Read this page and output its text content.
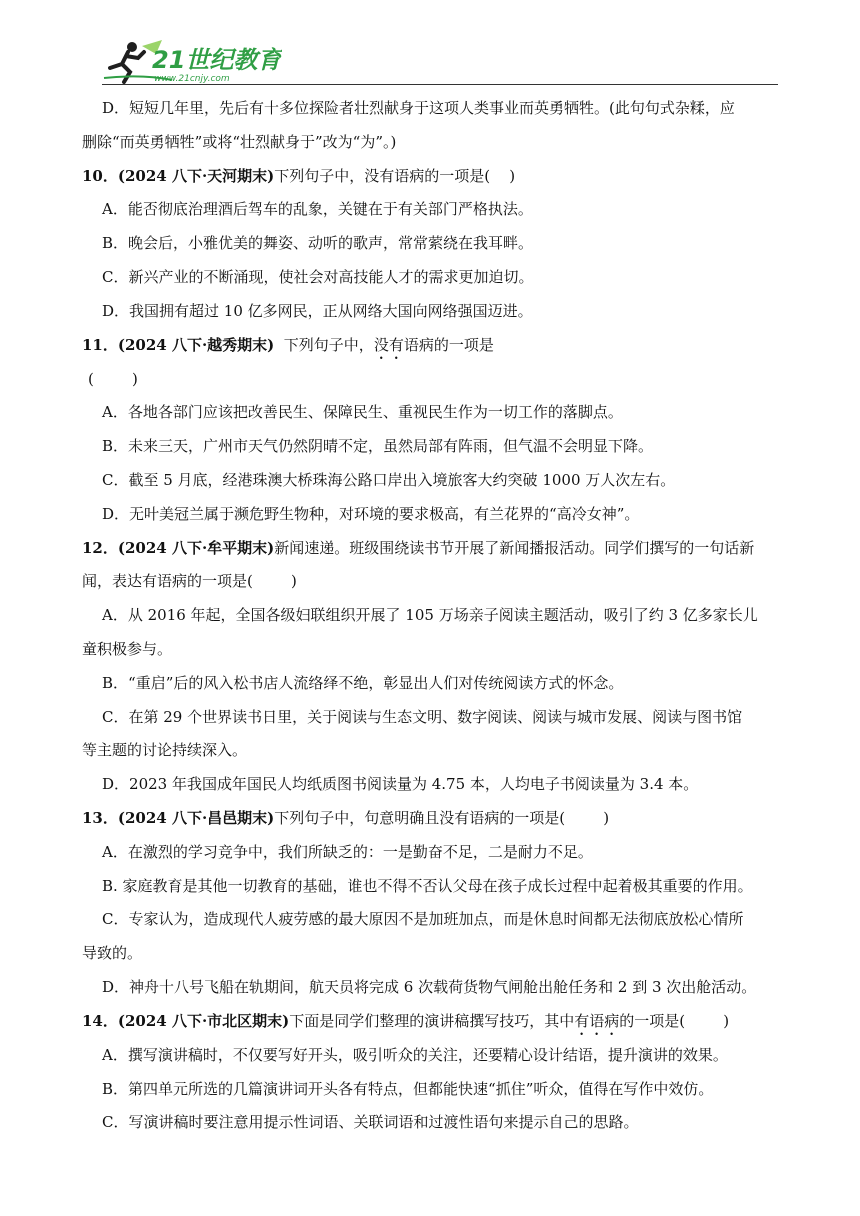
21世纪教育
www.21cnjy.com

D．短短几年里，先后有十多位探险者壮烈献身于这项人类事业而英勇牺牲。(此句句式杂糅，应

删除“而英勇牺牲”或将“壮烈献身于”改为“为”。)

10．(2024 八下·天河期末)下列句子中，没有语病的一项是(    )

A．能否彻底治理酒后驾车的乱象，关键在于有关部门严格执法。

B．晚会后，小雅优美的舞姿、动听的歌声，常常萦绕在我耳畔。

C．新兴产业的不断涌现，使社会对高技能人才的需求更加迫切。

D．我国拥有超过 10 亿多网民，正从网络大国向网络强国迈进。

11．(2024 八下·越秀期末)  下列句子中，没有语病的一项是

(        )

A．各地各部门应该把改善民生、保障民生、重视民生作为一切工作的落脚点。

B．未来三天，广州市天气仍然阴晴不定，虽然局部有阵雨，但气温不会明显下降。

C．截至 5 月底，经港珠澳大桥珠海公路口岸出入境旅客大约突破 1000 万人次左右。

D．无叶美冠兰属于濒危野生物种，对环境的要求极高，有兰花界的“高冷女神”。

12．(2024 八下·牟平期末)新闻速递。班级围绕读书节开展了新闻播报活动。同学们撰写的一句话新

闻，表达有语病的一项是(        )

A．从 2016 年起，全国各级妇联组织开展了 105 万场亲子阅读主题活动，吸引了约 3 亿多家长儿

童积极参与。

B．“重启”后的风入松书店人流络绎不绝，彰显出人们对传统阅读方式的怀念。

C．在第 29 个世界读书日里，关于阅读与生态文明、数字阅读、阅读与城市发展、阅读与图书馆

等主题的讨论持续深入。

D．2023 年我国成年国民人均纸质图书阅读量为 4.75 本，人均电子书阅读量为 3.4 本。

13．(2024 八下·昌邑期末)下列句子中，句意明确且没有语病的一项是(        )

A．在激烈的学习竞争中，我们所缺乏的：一是勤奋不足，二是耐力不足。

B. 家庭教育是其他一切教育的基础，谁也不得不否认父母在孩子成长过程中起着极其重要的作用。

C．专家认为，造成现代人疲劳感的最大原因不是加班加点，而是休息时间都无法彻底放松心情所

导致的。

D．神舟十八号飞船在轨期间，航天员将完成 6 次载荷货物气闸舱出舱任务和 2 到 3 次出舱活动。

14．(2024 八下·市北区期末)下面是同学们整理的演讲稿撰写技巧，其中有语病的一项是(        )

A．撰写演讲稿时，不仅要写好开头，吸引听众的关注，还要精心设计结语，提升演讲的效果。

B．第四单元所选的几篇演讲词开头各有特点，但都能快速“抓住”听众，值得在写作中效仿。

C．写演讲稿时要注意用提示性词语、关联词语和过渡性语句来提示自己的思路。
